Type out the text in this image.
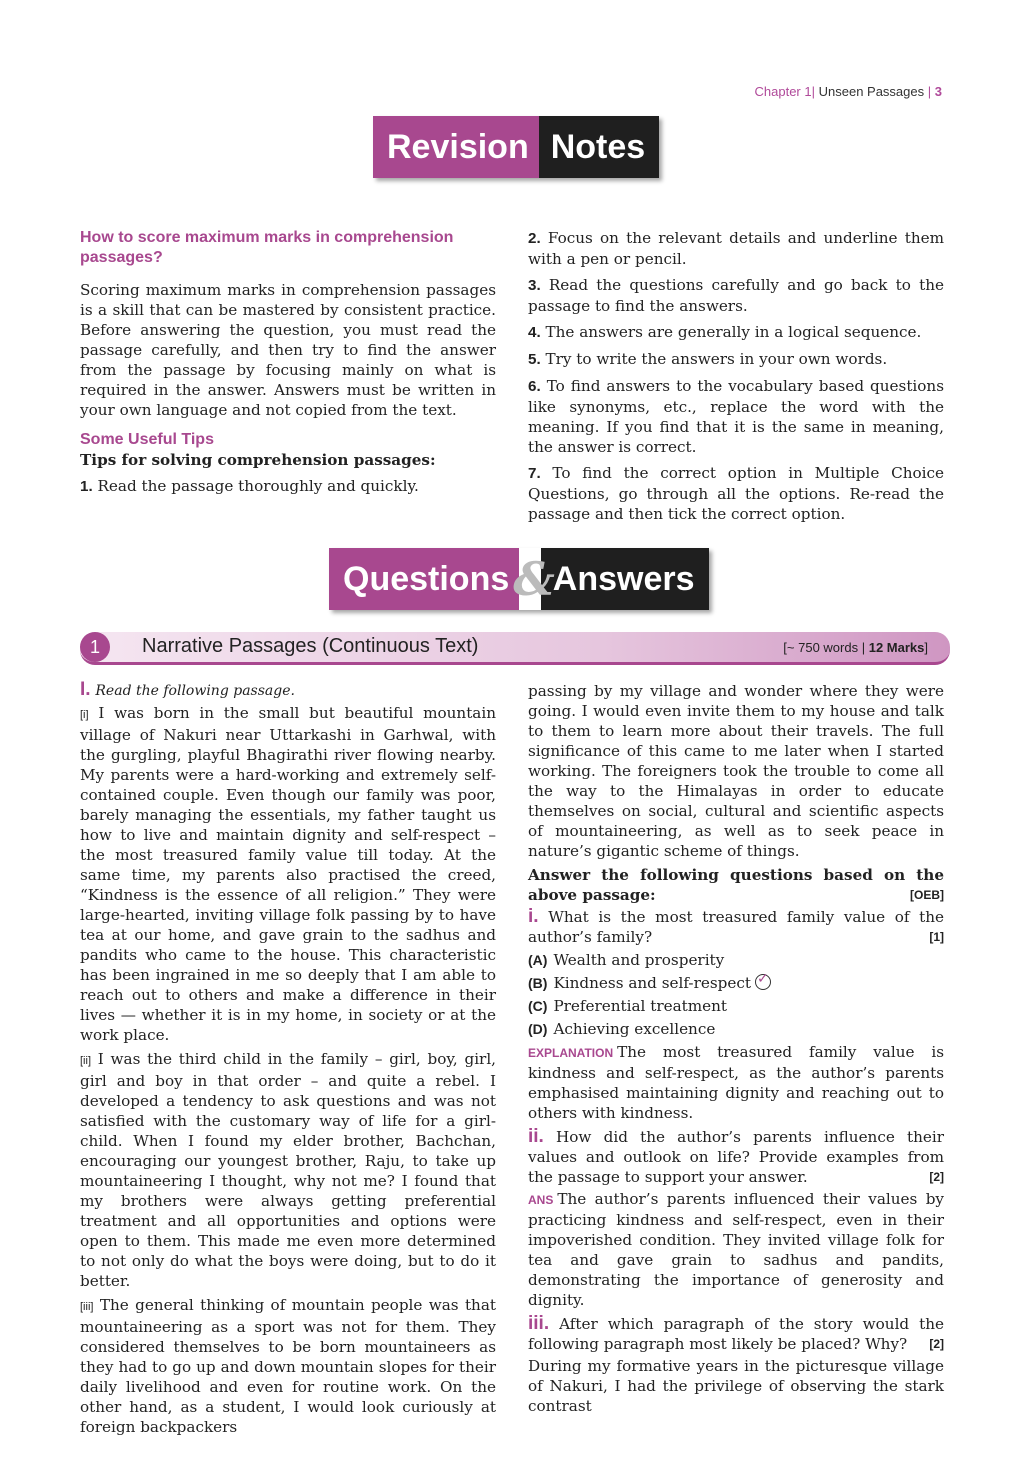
Chapter 1| Unseen Passages | 3
Revision Notes

How to score maximum marks in comprehension passages?

Scoring maximum marks in comprehension passages is a skill that can be mastered by consistent practice. Before answering the question, you must read the passage carefully, and then try to find the answer from the passage by focusing mainly on what is required in the answer. Answers must be written in your own language and not copied from the text.

Some Useful Tips

Tips for solving comprehension passages:

1. Read the passage thoroughly and quickly.

2. Focus on the relevant details and underline them with a pen or pencil.

3. Read the questions carefully and go back to the passage to find the answers.

4. The answers are generally in a logical sequence.

5. Try to write the answers in your own words.

6. To find answers to the vocabulary based questions like synonyms, etc., replace the word with the meaning. If you find that it is the same in meaning, the answer is correct.

7. To find the correct option in Multiple Choice Questions, go through all the options. Re-read the passage and then tick the correct option.

Questions &
Answers
1	Narrative Passages (Continuous Text)	[~ 750 words | 12 Marks]

I. Read the following passage.

[i] I was born in the small but beautiful mountain village of Nakuri near Uttarkashi in Garhwal, with the gurgling, playful Bhagirathi river flowing nearby. My parents were a hard-working and extremely self-contained couple. Even though our family was poor, barely managing the essentials, my father taught us how to live and maintain dignity and self-respect – the most treasured family value till today. At the same time, my parents also practised the creed, “Kindness is the essence of all religion.” They were large-hearted, inviting village folk passing by to have tea at our home, and gave grain to the sadhus and pandits who came to the house. This characteristic has been ingrained in me so deeply that I am able to reach out to others and make a difference in their lives — whether it is in my home, in society or at the work place.

[ii] I was the third child in the family – girl, boy, girl, girl and boy in that order – and quite a rebel. I developed a tendency to ask questions and was not satisfied with the customary way of life for a girl-child. When I found my elder brother, Bachchan, encouraging our youngest brother, Raju, to take up mountaineering I thought, why not me? I found that my brothers were always getting preferential treatment and all opportunities and options were open to them. This made me even more determined to not only do what the boys were doing, but to do it better.

[iii] The general thinking of mountain people was that mountaineering as a sport was not for them. They considered themselves to be born mountaineers as they had to go up and down mountain slopes for their daily livelihood and even for routine work. On the other hand, as a student, I would look curiously at foreign backpackers

passing by my village and wonder where they were going. I would even invite them to my house and talk to them to learn more about their travels. The full significance of this came to me later when I started working. The foreigners took the trouble to come all the way to the Himalayas in order to educate themselves on social, cultural and scientific aspects of mountaineering, as well as to seek peace in nature’s gigantic scheme of things.

Answer the following questions based on the above passage:	[OEB]

i. What is the most treasured family value of the author’s family?	[1]

(A) Wealth and prosperity

(B) Kindness and self-respect✓

(C) Preferential treatment

(D) Achieving excellence

EXPLANATION The most treasured family value is kindness and self-respect, as the author’s parents emphasised maintaining dignity and reaching out to others with kindness.

ii. How did the author’s parents influence their values and outlook on life? Provide examples from the passage to support your answer.	[2]

ANS The author’s parents influenced their values by practicing kindness and self-respect, even in their impoverished condition. They invited village folk for tea and gave grain to sadhus and pandits, demonstrating the importance of generosity and dignity.

iii. After which paragraph of the story would the following paragraph most likely be placed? Why? [2]

During my formative years in the picturesque village of Nakuri, I had the privilege of observing the stark contrast
